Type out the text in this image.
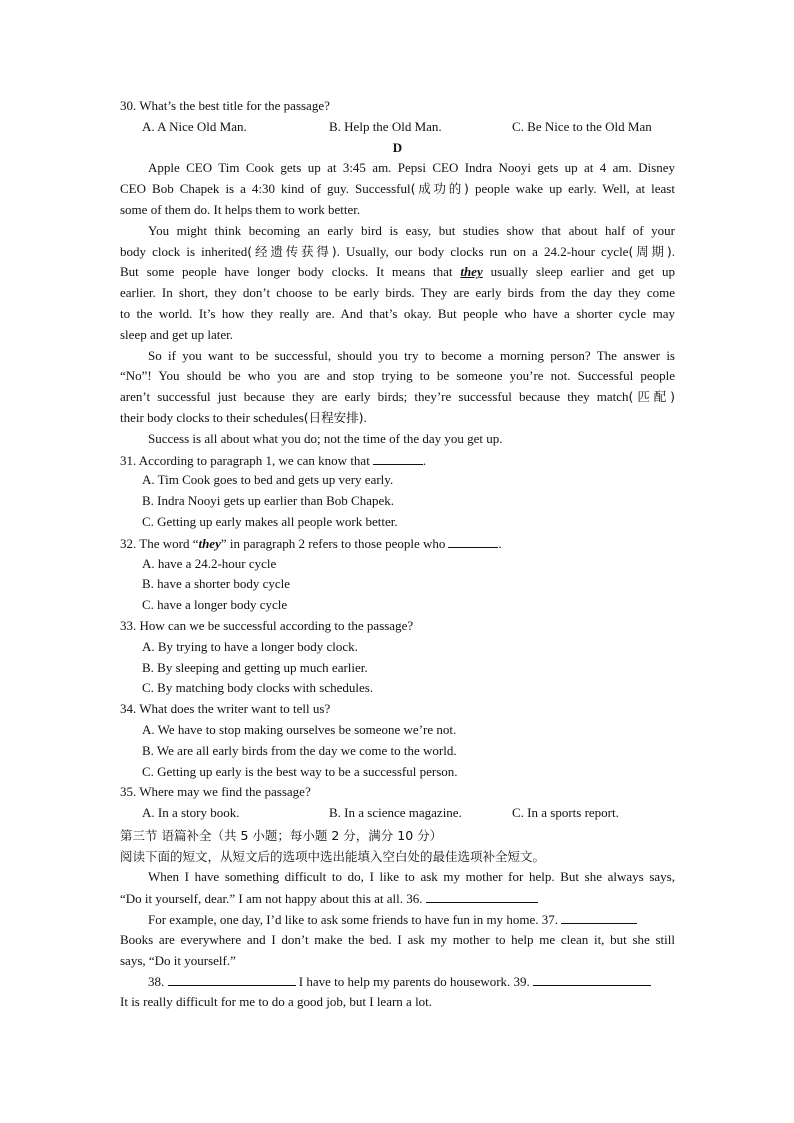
30. What’s the best title for the passage?
A. A Nice Old Man.	B. Help the Old Man.	C. Be Nice to the Old Man
D
Apple CEO Tim Cook gets up at 3:45 am. Pepsi CEO Indra Nooyi gets up at 4 am. Disney
CEO Bob Chapek is a 4:30 kind of guy. Successful(成功的) people wake up early. Well, at least
some of them do. It helps them to work better.
You might think becoming an early bird is easy, but studies show that about half of your
body clock is inherited(经遗传获得). Usually, our body clocks run on a 24.2-hour cycle(周期).
But some people have longer body clocks. It means that they usually sleep earlier and get up
earlier. In short, they don’t choose to be early birds. They are early birds from the day they come
to the world. It’s how they really are. And that’s okay. But people who have a shorter cycle may
sleep and get up later.
So if you want to be successful, should you try to become a morning person? The answer is
“No”! You should be who you are and stop trying to be someone you’re not. Successful people
aren’t successful just because they are early birds; they’re successful because they match(匹配)
their body clocks to their schedules(日程安排).
Success is all about what you do; not the time of the day you get up.
31. According to paragraph 1, we can know that	.
A. Tim Cook goes to bed and gets up very early.
B. Indra Nooyi gets up earlier than Bob Chapek.
C. Getting up early makes all people work better.
32. The word “they” in paragraph 2 refers to those people who	.
A. have a 24.2-hour cycle
B. have a shorter body cycle
C. have a longer body cycle
33. How can we be successful according to the passage?
A. By trying to have a longer body clock.
B. By sleeping and getting up much earlier.
C. By matching body clocks with schedules.
34. What does the writer want to tell us?
A. We have to stop making ourselves be someone we’re not.
B. We are all early birds from the day we come to the world.
C. Getting up early is the best way to be a successful person.
35. Where may we find the passage?
A. In a story book.	B. In a science magazine.	C. In a sports report.
第三节 语篇补全（共 5 小题；每小题 2 分，满分 10 分）
阅读下面的短文，从短文后的选项中选出能填入空白处的最佳选项补全短文。
When I have something difficult to do, I like to ask my mother for help. But she always says,
“Do it yourself, dear.” I am not happy about this at all. 36.
For example, one day, I’d like to ask some friends to have fun in my home. 37.
Books are everywhere and I don’t make the bed. I ask my mother to help me clean it, but she still
says, “Do it yourself.”
38.	I have to help my parents do housework. 39.
It is really difficult for me to do a good job, but I learn a lot.
